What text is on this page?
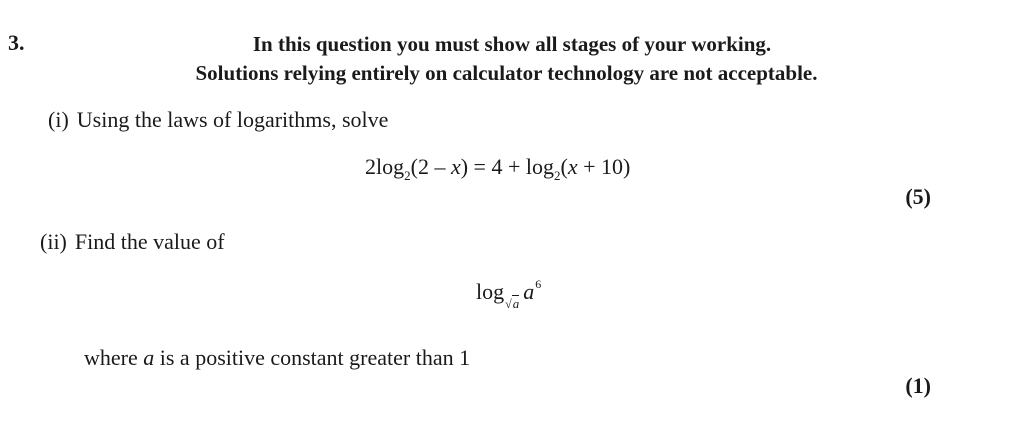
3.	In this question you must show all stages of your working.
Solutions relying entirely on calculator technology are not acceptable.
(i) Using the laws of logarithms, solve
$2\log_2(2 - x) = 4 + \log_2(x + 10)$
(5)
(ii) Find the value of
$\log_{√a} a^6$
where a is a positive constant greater than 1
(1)
